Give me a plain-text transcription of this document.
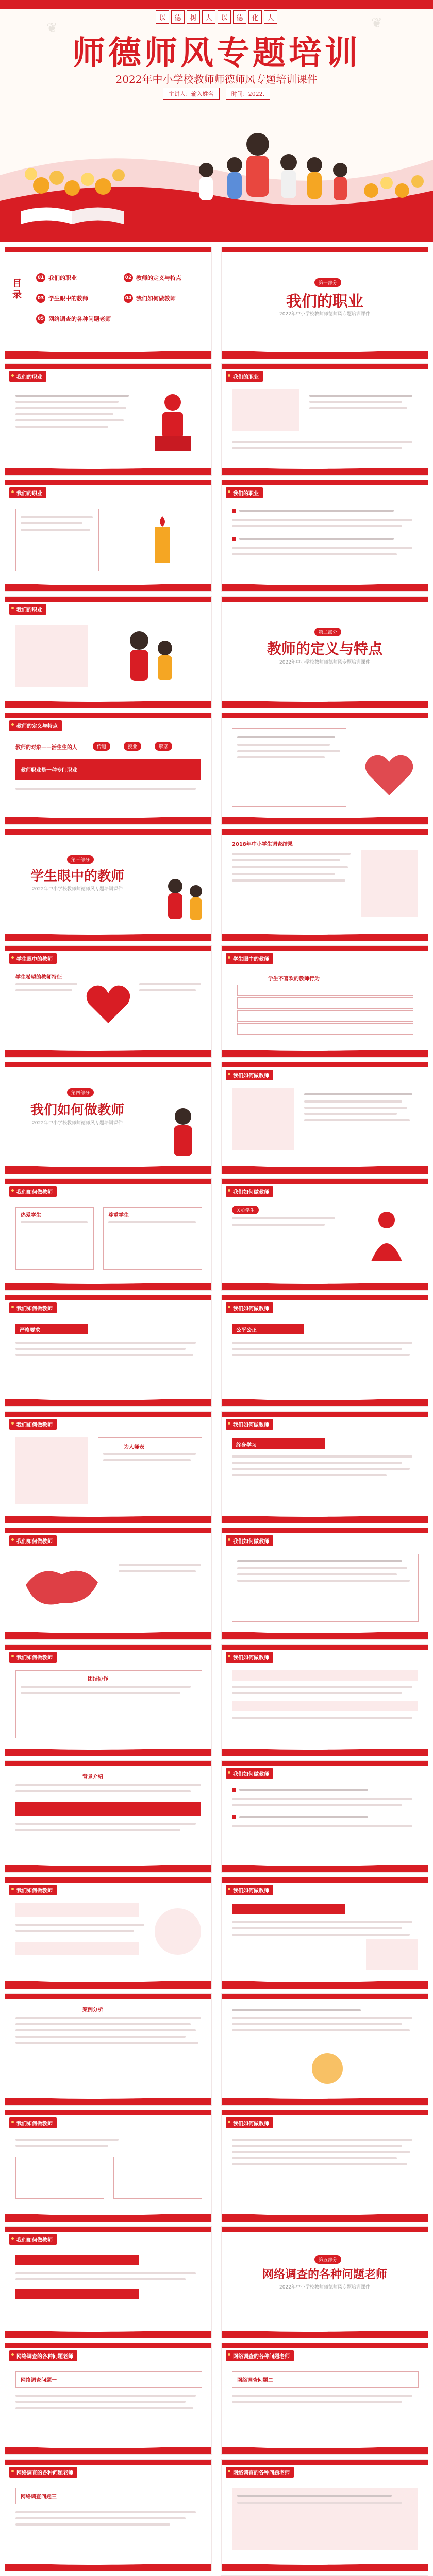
❦	❦
以	德	树	人	以	德	化	人
师德师风专题培训
2022年中小学校教师师德师风专题培训课件
主讲人：输入姓名	时间：2022.
目录
01 我们的职业	02 教师的定义与特点
03 学生眼中的教师	04 我们如何做教师
05 网络调查的各种问题老师
第一部分
我们的职业
2022年中小学校教师师德师风专题培训课件
我们的职业	我们的职业
我们的职业	我们的职业
我们的职业
第二部分
教师的定义与特点
2022年中小学校教师师德师风专题培训课件
教师的定义与特点
教师的对象——活生生的人	传道	授业	解惑
教师职业是一种专门职业
第三部分
学生眼中的教师
2022年中小学校教师师德师风专题培训课件
2018年中小学生调查结果
学生眼中的教师
学生希望的教师特征
学生眼中的教师
学生不喜欢的教师行为
第四部分
我们如何做教师
2022年中小学校教师师德师风专题培训课件
我们如何做教师
我们如何做教师
热爱学生	尊重学生
我们如何做教师
关心学生
我们如何做教师
严格要求
我们如何做教师
公平公正
我们如何做教师
为人师表
我们如何做教师
终身学习
我们如何做教师	我们如何做教师
我们如何做教师
团结协作
我们如何做教师
背景介绍	我们如何做教师
我们如何做教师	我们如何做教师
案例分析
我们如何做教师	我们如何做教师
我们如何做教师
第五部分
网络调查的各种问题老师
2022年中小学校教师师德师风专题培训课件
网络调查的各种问题老师
网络调查问题一
网络调查的各种问题老师
网络调查问题二
网络调查的各种问题老师
网络调查问题三
网络调查的各种问题老师
